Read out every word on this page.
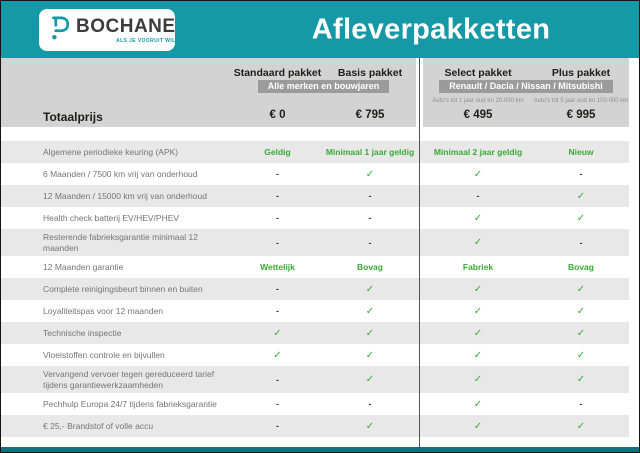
BOCHANE
ALS JE VOORUIT WIL	Afleverpakketten
Standaard pakket	Basis pakket	Select pakket	Plus pakket
Alle merken en bouwjaren	Renault / Dacia / Nissan / Mitsubishi
Auto's tot 1 jaar oud en 20.000 km	Auto's tot 5 jaar oud en 100.000 km
Totaalprijs	€ 0	€ 795	€ 495	€ 995
Algemene periodieke keuring (APK)	Geldig	Minimaal 1 jaar geldig	Minimaal 2 jaar geldig	Nieuw
6 Maanden / 7500 km vrij van onderhoud	-	✓	✓	-
12 Maanden / 15000 km vrij van onderhoud	-	-	-	✓
Health check batterij EV/HEV/PHEV	-	-	✓	✓
Resterende fabrieksgarantie minimaal 12 maanden	-	-	✓	-
12 Maanden garantie	Wettelijk	Bovag	Fabriek	Bovag
Complete reinigingsbeurt binnen en buiten	-	✓	✓	✓
Loyaliteitspas voor 12 maanden	-	✓	✓	✓
Technische inspectie	✓	✓	✓	✓
Vloeistoffen controle en bijvullen	✓	✓	✓	✓
Vervangend vervoer tegen gereduceerd tarief tijdens garantiewerkzaamheden	-	✓	✓	✓
Pechhulp Europa 24/7 tijdens fabrieksgarantie	-	-	✓	-
€ 25,- Brandstof of volle accu	-	✓	✓	✓
